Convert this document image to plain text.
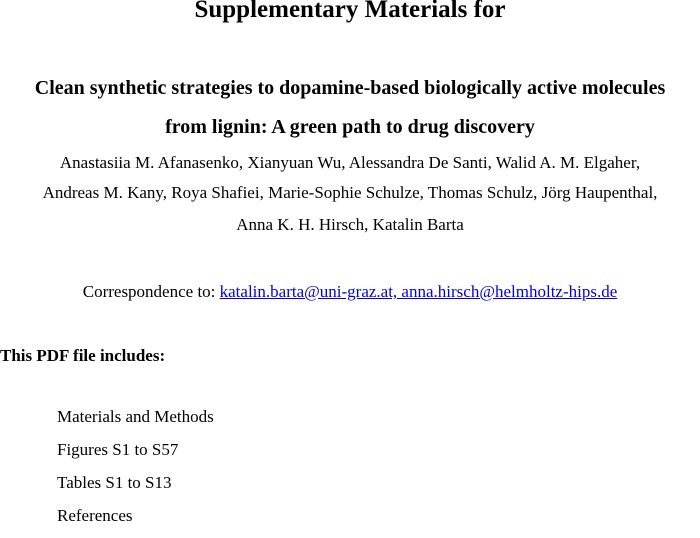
Supplementary Materials for
Clean synthetic strategies to dopamine-based biologically active molecules
from lignin: A green path to drug discovery
Anastasiia M. Afanasenko, Xianyuan Wu, Alessandra De Santi, Walid A. M. Elgaher,
Andreas M. Kany, Roya Shafiei, Marie-Sophie Schulze, Thomas Schulz, Jörg Haupenthal,
Anna K. H. Hirsch, Katalin Barta
Correspondence to: katalin.barta@uni-graz.at, anna.hirsch@helmholtz-hips.de
This PDF file includes:
Materials and Methods
Figures S1 to S57
Tables S1 to S13
References
